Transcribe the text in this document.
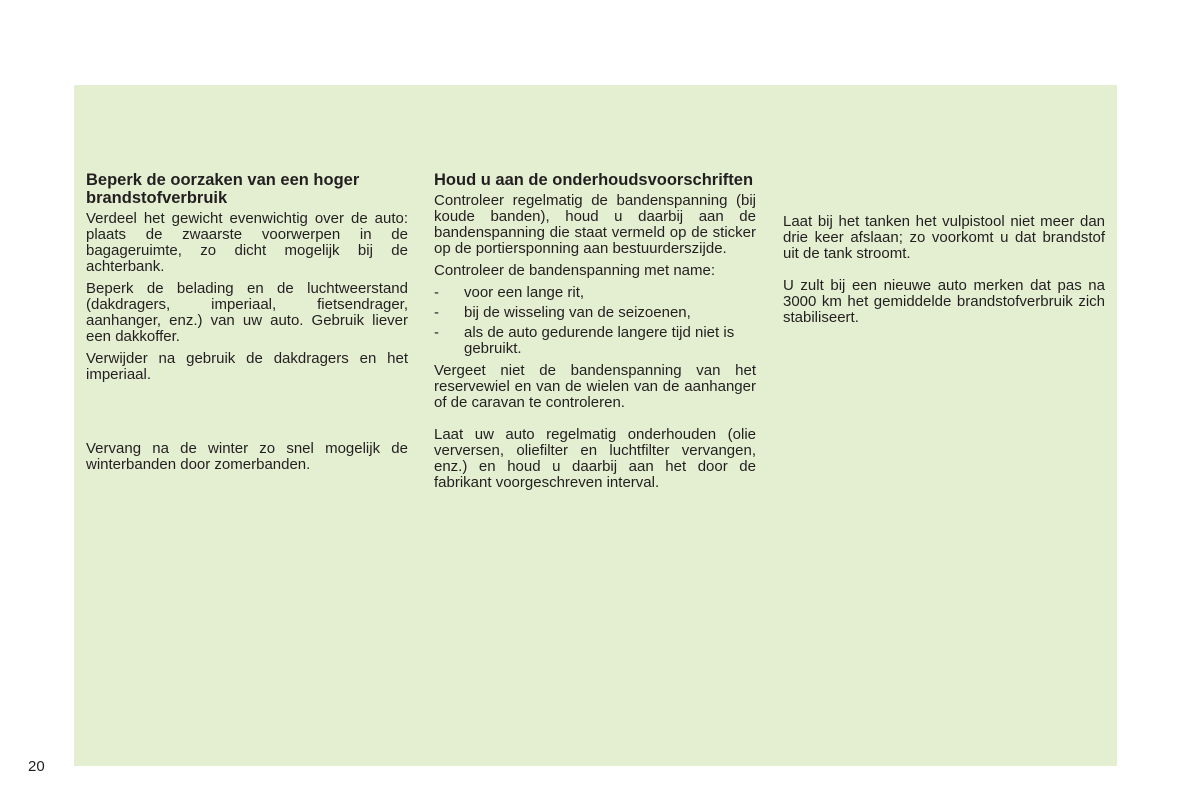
Beperk de oorzaken van een hoger brandstofverbruik

Verdeel het gewicht evenwichtig over de auto: plaats de zwaarste voorwerpen in de bagageruimte, zo dicht mogelijk bij de achterbank.

Beperk de belading en de luchtweerstand (dakdragers, imperiaal, fietsendrager, aanhanger, enz.) van uw auto. Gebruik liever een dakkoffer.

Verwijder na gebruik de dakdragers en het imperiaal.

Vervang na de winter zo snel mogelijk de winterbanden door zomerbanden.

Houd u aan de onderhoudsvoorschriften

Controleer regelmatig de bandenspanning (bij koude banden), houd u daarbij aan de bandenspanning die staat vermeld op de sticker op de portiersponning aan bestuurderszijde.

Controleer de bandenspanning met name:

- voor een lange rit,
- bij de wisseling van de seizoenen,
- als de auto gedurende langere tijd niet is gebruikt.

Vergeet niet de bandenspanning van het reservewiel en van de wielen van de aanhanger of de caravan te controleren.

Laat uw auto regelmatig onderhouden (olie verversen, oliefilter en luchtfilter vervangen, enz.) en houd u daarbij aan het door de fabrikant voorgeschreven interval.

Laat bij het tanken het vulpistool niet meer dan drie keer afslaan; zo voorkomt u dat brandstof uit de tank stroomt.

U zult bij een nieuwe auto merken dat pas na 3000 km het gemiddelde brandstofverbruik zich stabiliseert.

20
